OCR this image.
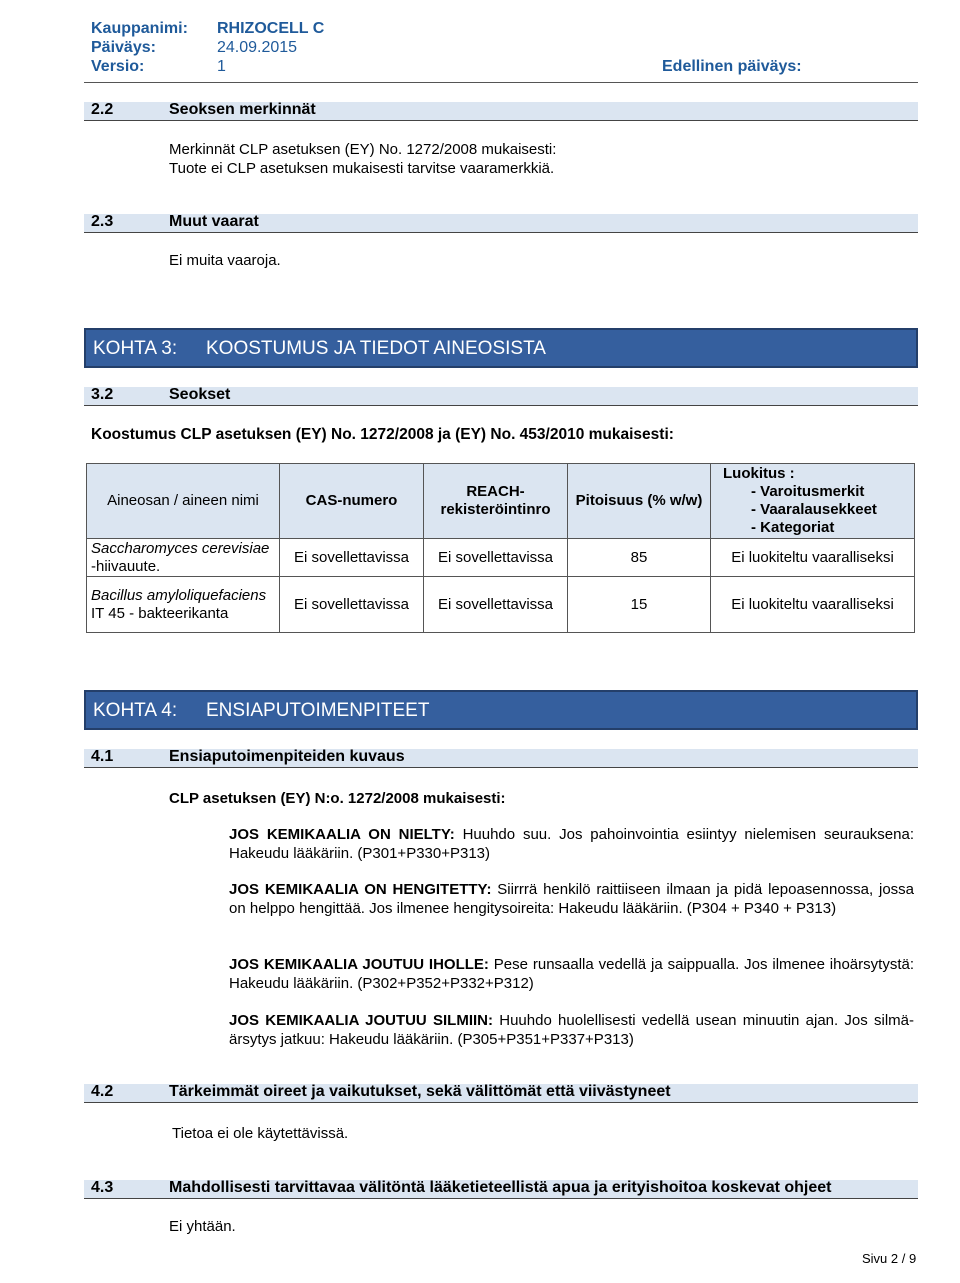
Kauppanimi: RHIZOCELL C
Päiväys:	24.09.2015
Versio:	1	Edellinen päiväys:
2.2	Seoksen merkinnät
Merkinnät CLP asetuksen (EY) No. 1272/2008 mukaisesti:
Tuote ei CLP asetuksen mukaisesti tarvitse vaaramerkkiä.
2.3	Muut vaarat
Ei muita vaaroja.
KOHTA 3: KOOSTUMUS JA TIEDOT AINEOSISTA
3.2	Seokset
Koostumus CLP asetuksen (EY) No. 1272/2008 ja (EY) No. 453/2010 mukaisesti:
Aineosan / aineen nimi	CAS-numero	REACH-rekisteröintinro	Pitoisuus (% w/w)	Luokitus :
- Varoitusmerkit
- Vaaralausekkeet
- Kategoriat

Saccharomyces cerevisiae -hiivauute.	Ei sovellettavissa	Ei sovellettavissa	85	Ei luokiteltu vaaralliseksi
Bacillus amyloliquefaciens IT 45 - bakteerikanta	Ei sovellettavissa	Ei sovellettavissa	15	Ei luokiteltu vaaralliseksi
KOHTA 4: ENSIAPUTOIMENPITEET
4.1	Ensiaputoimenpiteiden kuvaus
CLP asetuksen (EY) N:o. 1272/2008 mukaisesti:
JOS KEMIKAALIA ON NIELTY: Huuhdo suu. Jos pahoinvointia esiintyy nielemisen seurauksena: Hakeudu lääkäriin. (P301+P330+P313)
JOS KEMIKAALIA ON HENGITETTY: Siirrrä henkilö raittiiseen ilmaan ja pidä lepoasennossa, jossa on helppo hengittää. Jos ilmenee hengitysoireita: Hakeudu lääkäriin. (P304 + P340 + P313)
JOS KEMIKAALIA JOUTUU IHOLLE: Pese runsaalla vedellä ja saippualla. Jos ilmenee ihoärsytystä: Hakeudu lääkäriin. (P302+P352+P332+P312)
JOS KEMIKAALIA JOUTUU SILMIIN: Huuhdo huolellisesti vedellä usean minuutin ajan. Jos silmä-ärsytys jatkuu: Hakeudu lääkäriin. (P305+P351+P337+P313)
4.2	Tärkeimmät oireet ja vaikutukset, sekä välittömät että viivästyneet
Tietoa ei ole käytettävissä.
4.3	Mahdollisesti tarvittavaa välitöntä lääketieteellistä apua ja erityishoitoa koskevat ohjeet
Ei yhtään.
Sivu 2 / 9
